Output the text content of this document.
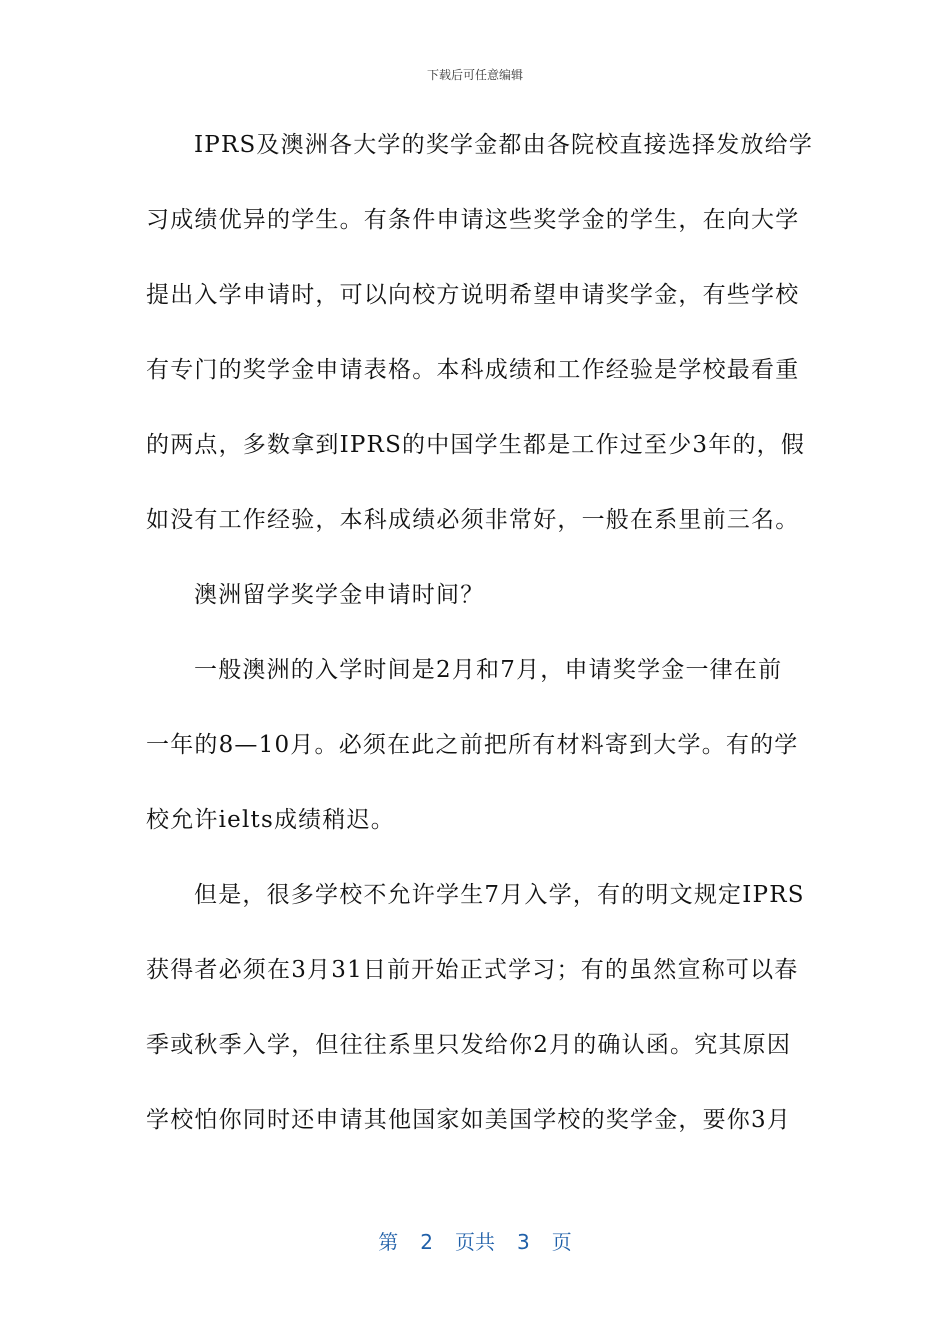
下载后可任意编辑
IPRS及澳洲各大学的奖学金都由各院校直接选择发放给学
习成绩优异的学生。有条件申请这些奖学金的学生，在向大学
提出入学申请时，可以向校方说明希望申请奖学金，有些学校
有专门的奖学金申请表格。本科成绩和工作经验是学校最看重
的两点，多数拿到IPRS的中国学生都是工作过至少3年的，假
如没有工作经验，本科成绩必须非常好，一般在系里前三名。
澳洲留学奖学金申请时间？
一般澳洲的入学时间是2月和7月，申请奖学金一律在前
一年的8—10月。必须在此之前把所有材料寄到大学。有的学
校允许ielts成绩稍迟。
但是，很多学校不允许学生7月入学，有的明文规定IPRS
获得者必须在3月31日前开始正式学习；有的虽然宣称可以春
季或秋季入学，但往往系里只发给你2月的确认函。究其原因
学校怕你同时还申请其他国家如美国学校的奖学金，要你3月
第 2 页共 3 页
